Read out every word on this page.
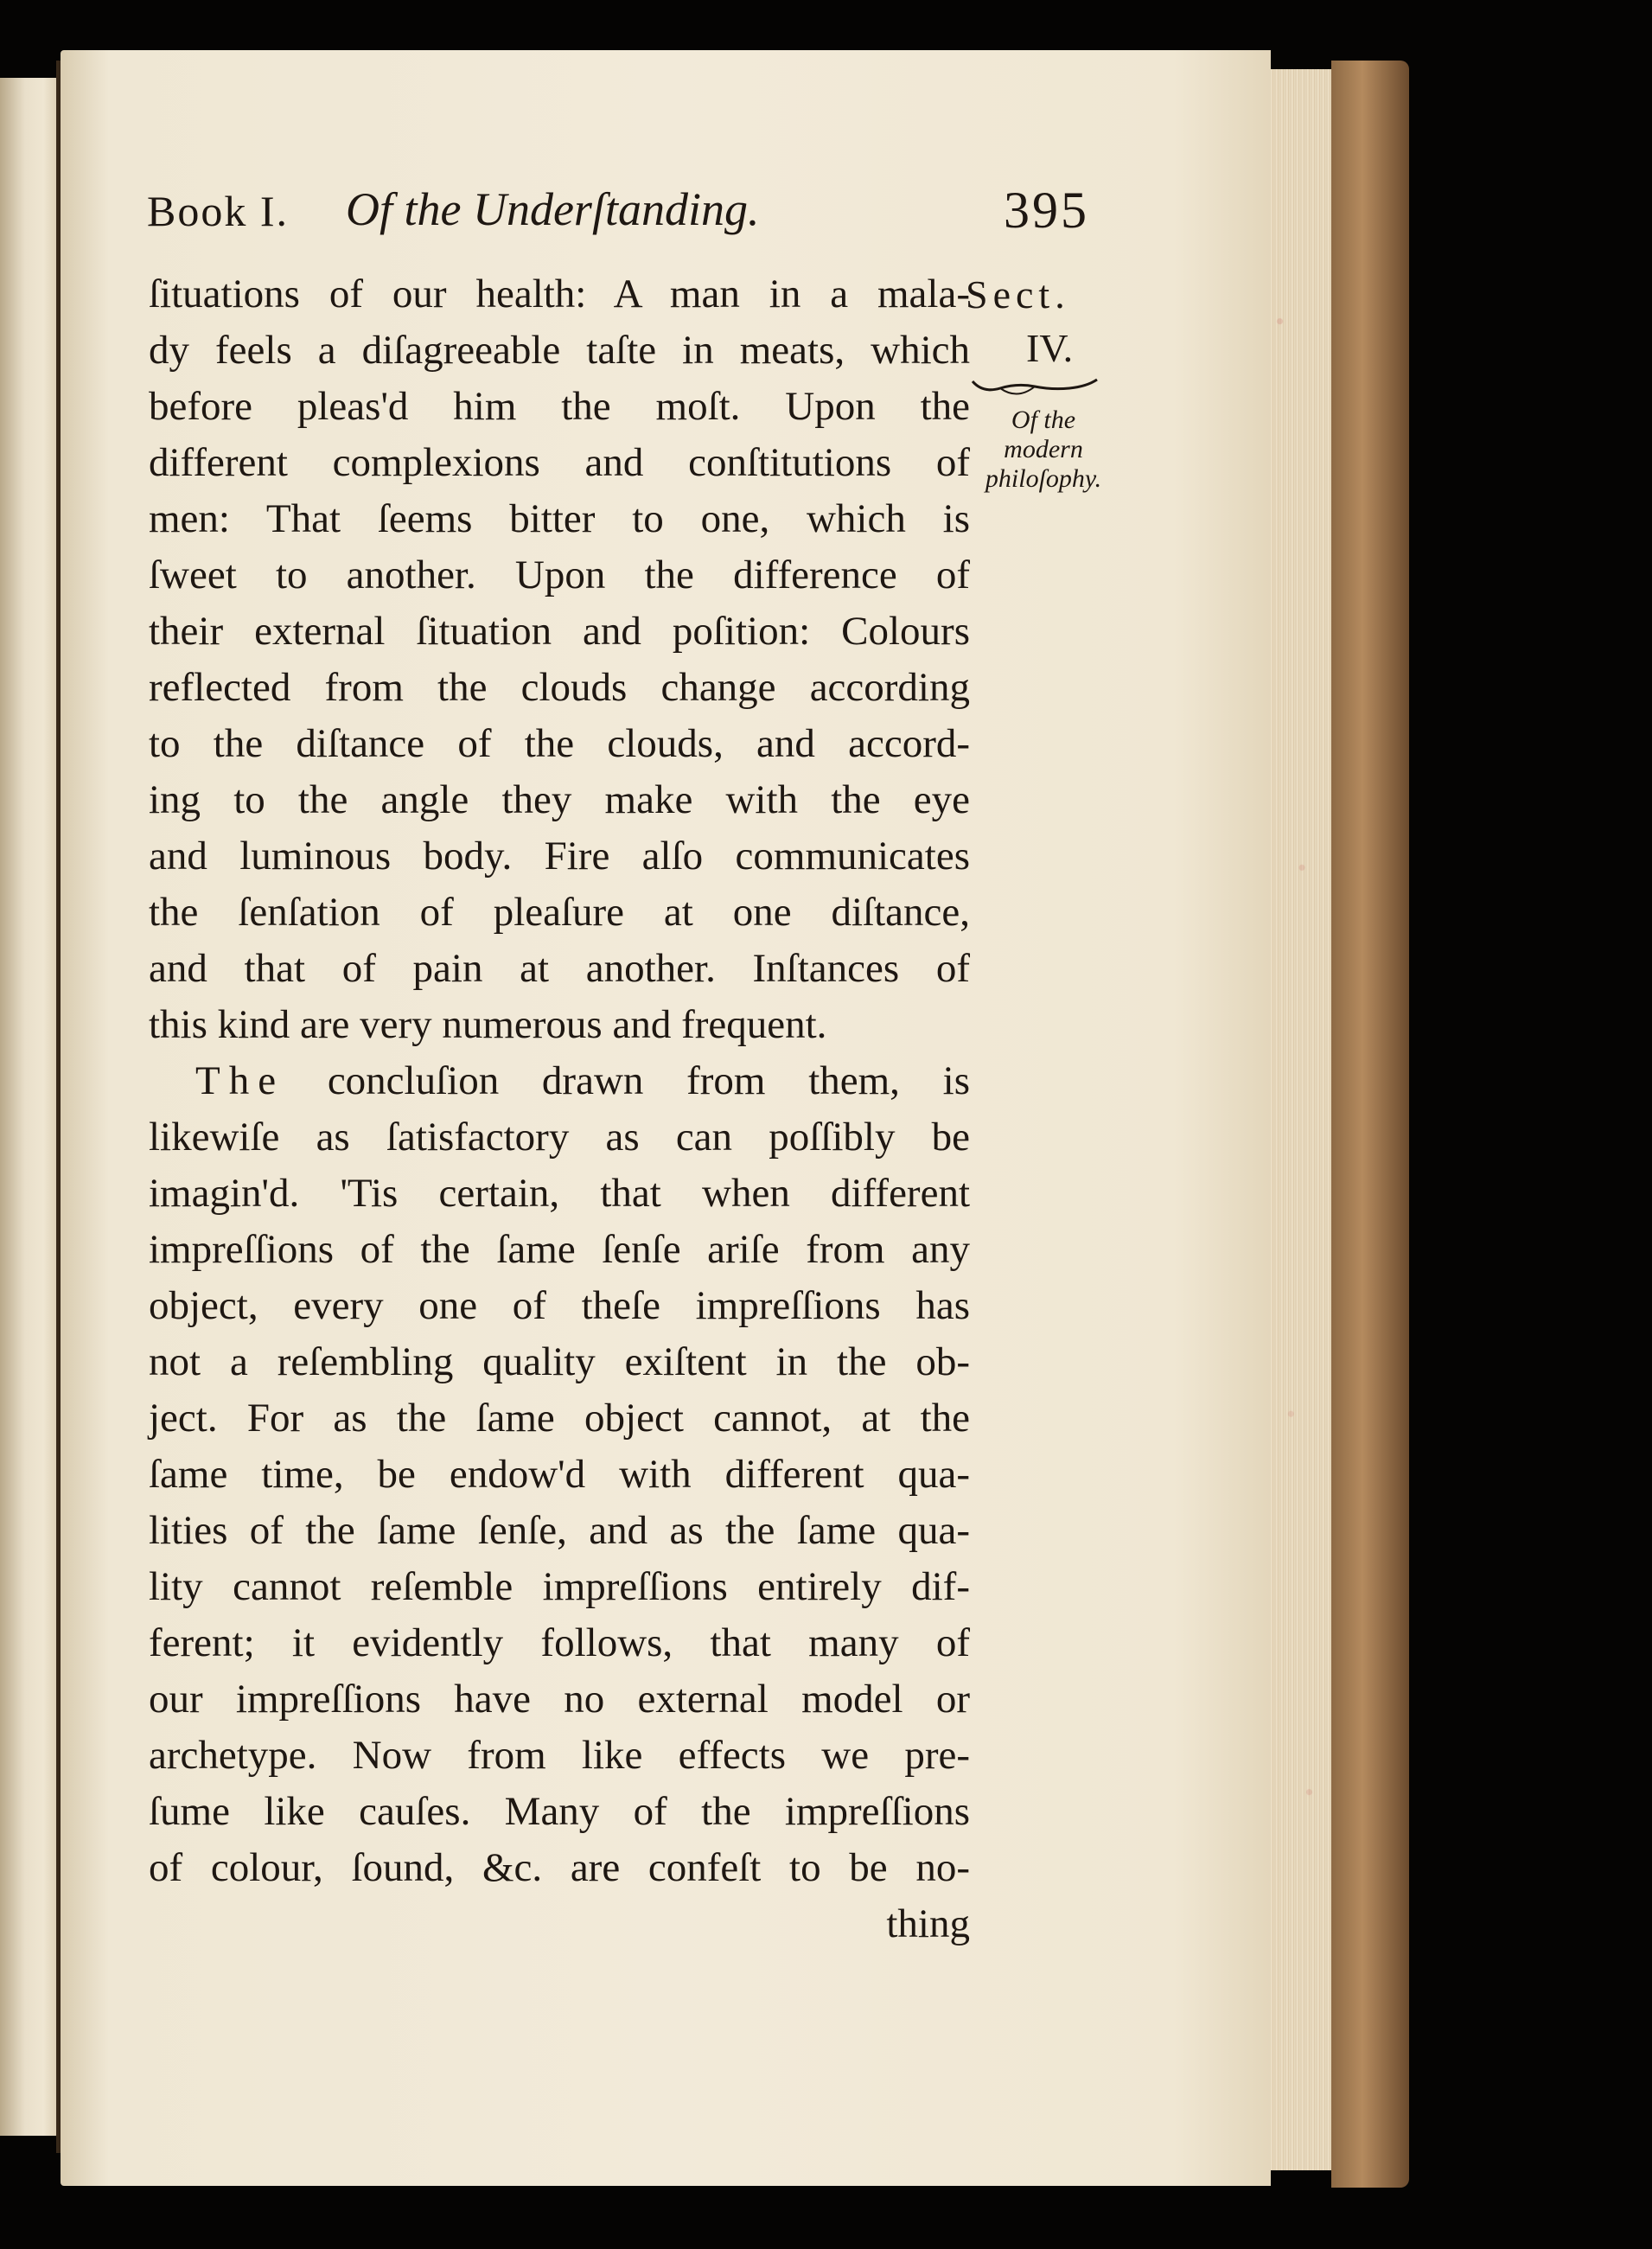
Book I. Of the Underſtanding.	395
ſituations of our health: A man in a mala-
dy feels a diſagreeable taſte in meats, which
before pleas'd him the moſt. Upon the
different complexions and conſtitutions of
men: That ſeems bitter to one, which is
ſweet to another. Upon the difference of
their external ſituation and poſition: Colours
reflected from the clouds change according
to the diſtance of the clouds, and accord-
ing to the angle they make with the eye
and luminous body. Fire alſo communicates
the ſenſation of pleaſure at one diſtance,
and that of pain at another. Inſtances of
this kind are very numerous and frequent.
The concluſion drawn from them, is
likewiſe as ſatisfactory as can poſſibly be
imagin'd. 'Tis certain, that when different
impreſſions of the ſame ſenſe ariſe from any
object, every one of theſe impreſſions has
not a reſembling quality exiſtent in the ob-
ject. For as the ſame object cannot, at the
ſame time, be endow'd with different qua-
lities of the ſame ſenſe, and as the ſame qua-
lity cannot reſemble impreſſions entirely dif-
ferent; it evidently follows, that many of
our impreſſions have no external model or
archetype. Now from like effects we pre-
ſume like cauſes. Many of the impreſſions
of colour, ſound, &c. are confeſt to be no-
thing
Sect.
IV.
Of the
modern
philoſophy.
